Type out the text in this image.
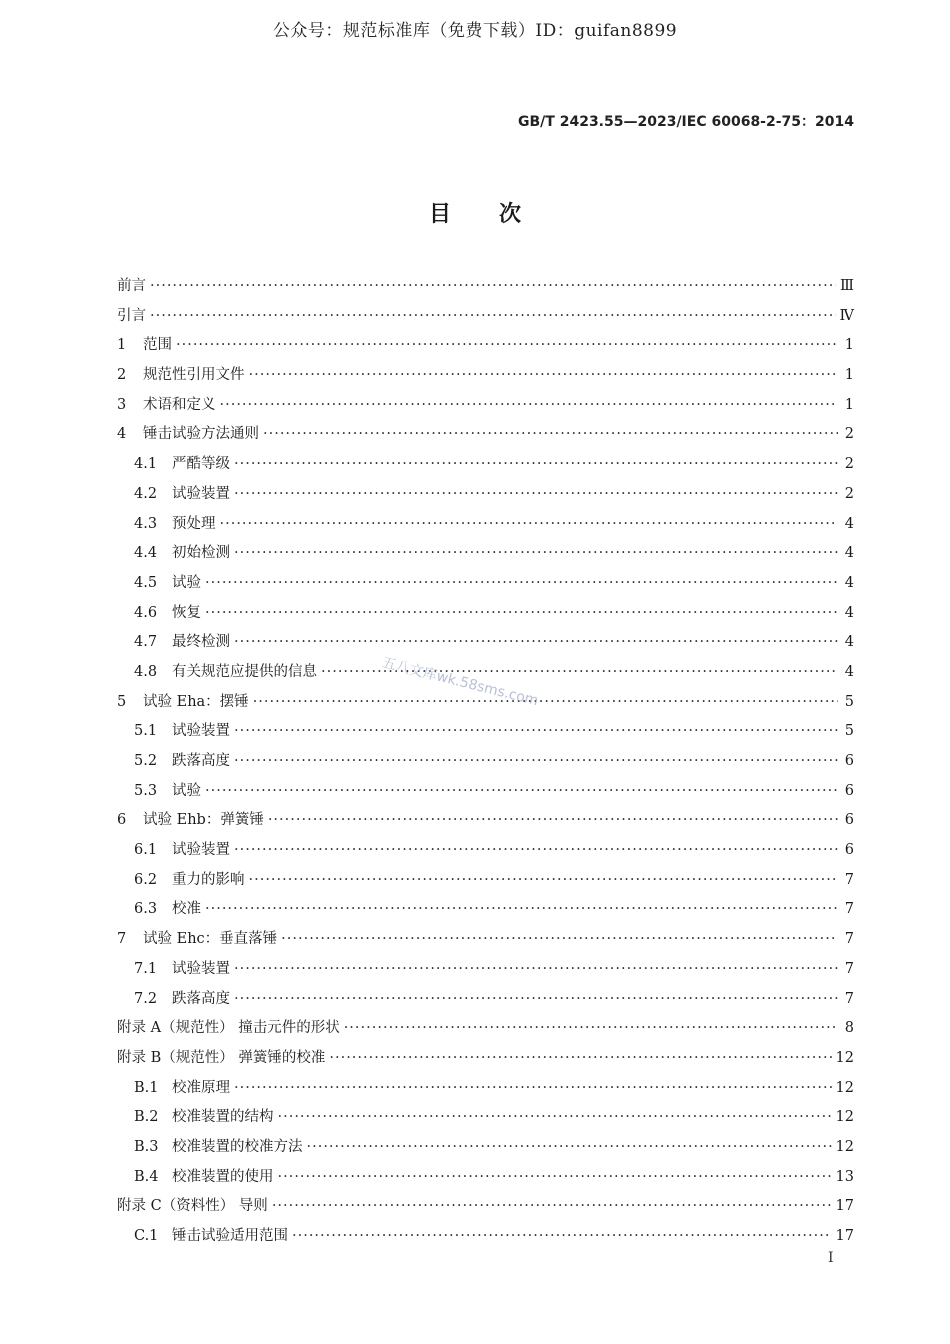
公众号：规范标准库（免费下载）ID：guifan8899
GB/T 2423.55—2023/IEC 60068-2-75：2014
目次
前言 ·····	Ⅲ
引言 ·····	Ⅳ
1	范围 ·····	1
2	规范性引用文件 ·····	1
3	术语和定义 ·····	1
4	锤击试验方法通则 ·····	2
4.1	严酷等级 ·····	2
4.2	试验装置 ·····	2
4.3	预处理 ·····	4
4.4	初始检测 ·····	4
4.5	试验 ·····	4
4.6	恢复 ·····	4
4.7	最终检测 ·····	4
4.8	有关规范应提供的信息 ·····	4
5	试验 Eha：摆锤 ·····	5
5.1	试验装置 ·····	5
5.2	跌落高度 ·····	6
5.3	试验 ·····	6
6	试验 Ehb：弹簧锤 ·····	6
6.1	试验装置 ·····	6
6.2	重力的影响 ·····	7
6.3	校准 ·····	7
7	试验 Ehc：垂直落锤 ·····	7
7.1	试验装置 ·····	7
7.2	跌落高度 ·····	7
附录 A（规范性） 撞击元件的形状 ·····	8
附录 B（规范性） 弹簧锤的校准 ·····	12
B.1 校准原理 ·····	12
B.2 校准装置的结构 ·····	12
B.3 校准装置的校准方法 ·····	12
B.4 校准装置的使用 ·····	13
附录 C（资料性） 导则 ·····	17
C.1 锤击试验适用范围 ·····	17
五八文库wk.58sms.com
I
